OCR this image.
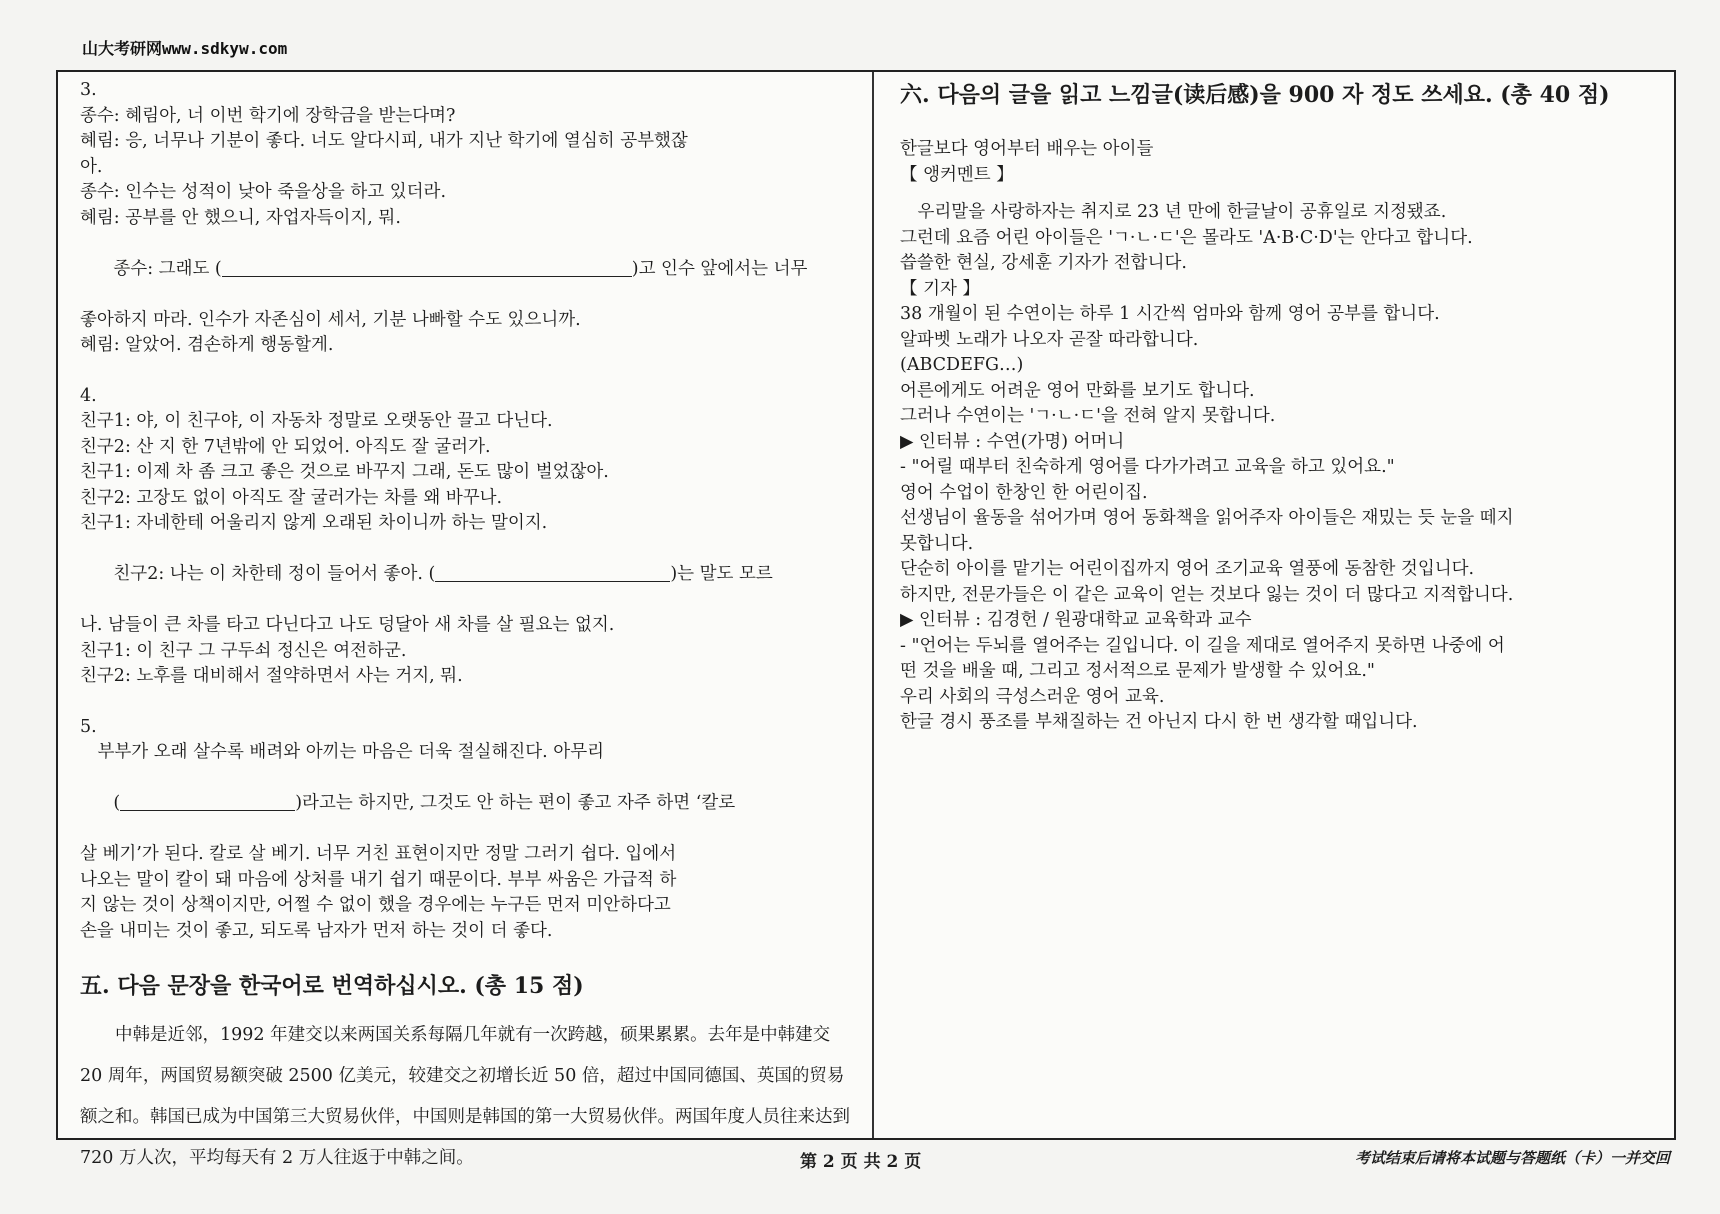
山大考研网www.sdkyw.com
3.
종수: 혜림아, 너 이번 학기에 장학금을 받는다며?
혜림: 응, 너무나 기분이 좋다. 너도 알다시피, 내가 지난 학기에 열심히 공부했잖
아.
종수: 인수는 성적이 낮아 죽을상을 하고 있더라.
혜림: 공부를 안 했으니, 자업자득이지, 뭐.

종수: 그래도 (	)고 인수 앞에서는 너무

좋아하지 마라. 인수가 자존심이 세서, 기분 나빠할 수도 있으니까.
혜림: 알았어. 겸손하게 행동할게.
4.
친구1: 야, 이 친구야, 이 자동차 정말로 오랫동안 끌고 다닌다.
친구2: 산 지 한 7년밖에 안 되었어. 아직도 잘 굴러가.
친구1: 이제 차 좀 크고 좋은 것으로 바꾸지 그래, 돈도 많이 벌었잖아.
친구2: 고장도 없이 아직도 잘 굴러가는 차를 왜 바꾸나.
친구1: 자네한테 어울리지 않게 오래된 차이니까 하는 말이지.

친구2: 나는 이 차한테 정이 들어서 좋아. (	)는 말도 모르

나. 남들이 큰 차를 타고 다닌다고 나도 덩달아 새 차를 살 필요는 없지.
친구1: 이 친구 그 구두쇠 정신은 여전하군.
친구2: 노후를 대비해서 절약하면서 사는 거지, 뭐.
5.
부부가 오래 살수록 배려와 아끼는 마음은 더욱 절실해진다. 아무리

(	)라고는 하지만, 그것도 안 하는 편이 좋고 자주 하면 ‘칼로

살 베기’가 된다. 칼로 살 베기. 너무 거친 표현이지만 정말 그러기 쉽다. 입에서
나오는 말이 칼이 돼 마음에 상처를 내기 쉽기 때문이다. 부부 싸움은 가급적 하
지 않는 것이 상책이지만, 어쩔 수 없이 했을 경우에는 누구든 먼저 미안하다고
손을 내미는 것이 좋고, 되도록 남자가 먼저 하는 것이 더 좋다.

五. 다음 문장을 한국어로 번역하십시오. (총 15 점)

中韩是近邻，1992 年建交以来两国关系每隔几年就有一次跨越，硕果累累。去年是中韩建交 20 周年，两国贸易额突破 2500 亿美元，较建交之初增长近 50 倍，超过中国同德国、英国的贸易额之和。韩国已成为中国第三大贸易伙伴，中国则是韩国的第一大贸易伙伴。两国年度人员往来达到 720 万人次，平均每天有 2 万人往返于中韩之间。

六. 다음의 글을 읽고 느낌글(读后感)을 900 자 정도 쓰세요. (총 40 점)

한글보다 영어부터 배우는 아이들
【 앵커멘트 】
우리말을 사랑하자는 취지로 23 년 만에 한글날이 공휴일로 지정됐죠.
그런데 요즘 어린 아이들은 'ㄱ·ㄴ·ㄷ'은 몰라도 'A·B·C·D'는 안다고 합니다.
씁쓸한 현실, 강세훈 기자가 전합니다.
【 기자 】
38 개월이 된 수연이는 하루 1 시간씩 엄마와 함께 영어 공부를 합니다.
알파벳 노래가 나오자 곧잘 따라합니다.
(ABCDEFG…)
어른에게도 어려운 영어 만화를 보기도 합니다.
그러나 수연이는 'ㄱ·ㄴ·ㄷ'을 전혀 알지 못합니다.
▶ 인터뷰 : 수연(가명) 어머니
- "어릴 때부터 친숙하게 영어를 다가가려고 교육을 하고 있어요."
영어 수업이 한창인 한 어린이집.
선생님이 율동을 섞어가며 영어 동화책을 읽어주자 아이들은 재밌는 듯 눈을 떼지
못합니다.
단순히 아이를 맡기는 어린이집까지 영어 조기교육 열풍에 동참한 것입니다.
하지만, 전문가들은 이 같은 교육이 얻는 것보다 잃는 것이 더 많다고 지적합니다.
▶ 인터뷰 : 김경헌 / 원광대학교 교육학과 교수
- "언어는 두뇌를 열어주는 길입니다. 이 길을 제대로 열어주지 못하면 나중에 어
떤 것을 배울 때, 그리고 정서적으로 문제가 발생할 수 있어요."
우리 사회의 극성스러운 영어 교육.
한글 경시 풍조를 부채질하는 건 아닌지 다시 한 번 생각할 때입니다.
第 2 页 共 2 页	考试结束后请将本试题与答题纸（卡）一并交回
